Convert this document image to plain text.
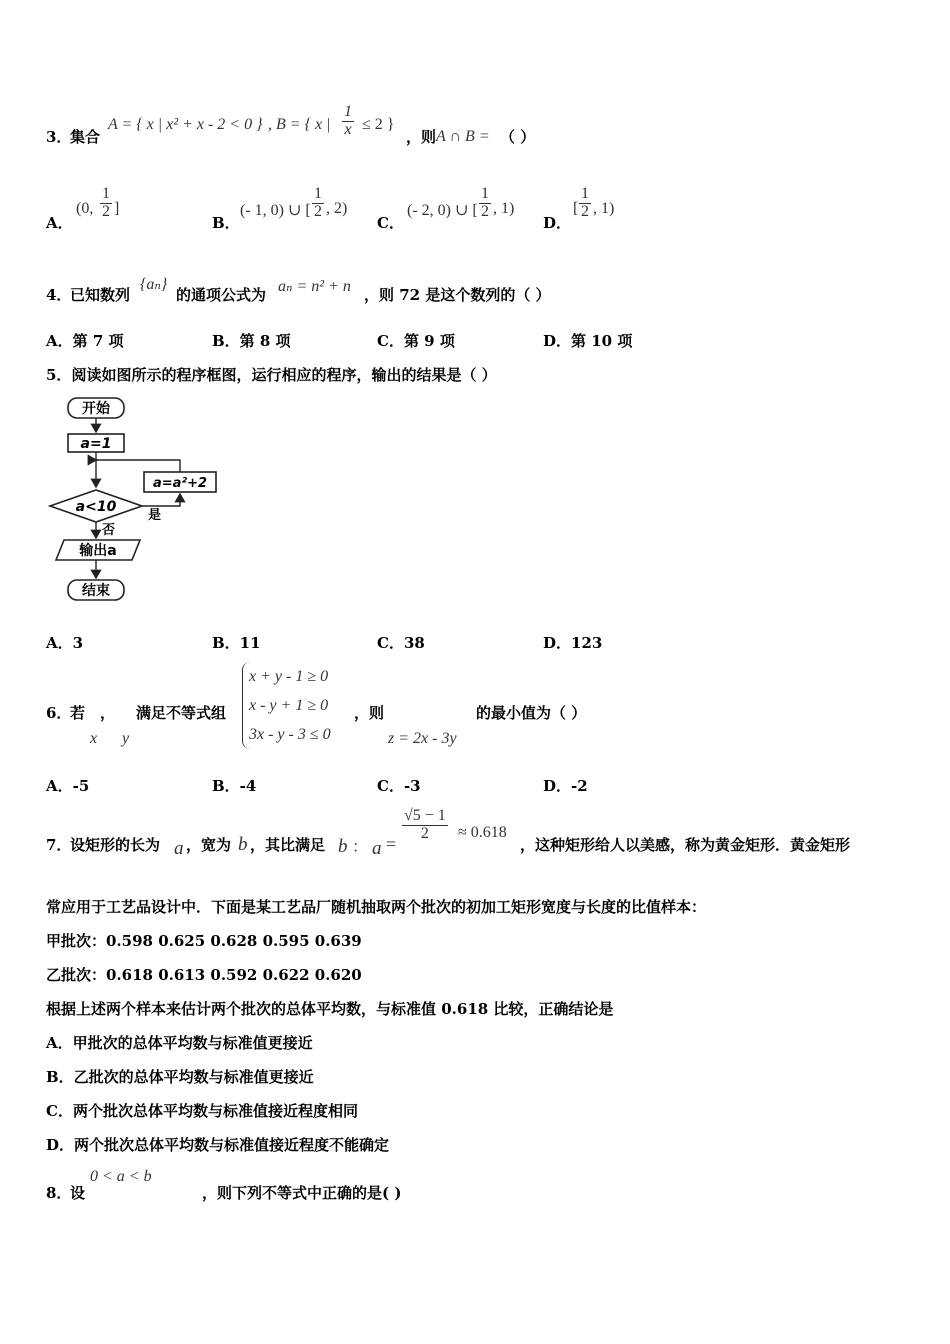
3．
集合
A = { x | x² + x - 2 < 0 } , B = { x | $\frac{1}{x} \le 2$ }
，则 A ∩ B = （ ）
A．
(0, $\frac{1}{2}$ ]
B．
(- 1, 0) ∪ [ $\frac{1}{2}$ , 2)
C．
(- 2, 0) ∪ [ $\frac{1}{2}$ , 1)
D．
[ $\frac{1}{2}$ , 1)
4．
已知数列
{aₙ}
的通项公式为 aₙ = n² + n ，则 72 是这个数列的（ ）
A．第 7 项	B．第 8 项	C．第 9 项	D．第 10 项
5．阅读如图所示的程序框图，运行相应的程序，输出的结果是（ ）
开始
a=1
a=a²+2
a<10
是
否
输出a
结束
A．3	B．11	C．38	D．123
6．
若 ， 满足不等式组
x y
x + y - 1 ≥ 0
x - y + 1 ≥ 0
3x - y - 3 ≤ 0
，则
z = 2x - 3y
的最小值为（ ）
A．-5	B．-4	C．-3	D．-2
7．
设矩形的长为 a ，宽为 b ，其比满足 b ： a =
$\frac{√5 - 1}{2} \approx 0.618$
，这种矩形给人以美感，称为黄金矩形．黄金矩形
常应用于工艺品设计中．下面是某工艺品厂随机抽取两个批次的初加工矩形宽度与长度的比值样本：
甲批次：0.598 0.625 0.628 0.595 0.639
乙批次：0.618 0.613 0.592 0.622 0.620
根据上述两个样本来估计两个批次的总体平均数，与标准值 0.618 比较，正确结论是
A．甲批次的总体平均数与标准值更接近
B．乙批次的总体平均数与标准值更接近
C．两个批次总体平均数与标准值接近程度相同
D．两个批次总体平均数与标准值接近程度不能确定
8．
设
0 < a < b
，则下列不等式中正确的是( )
